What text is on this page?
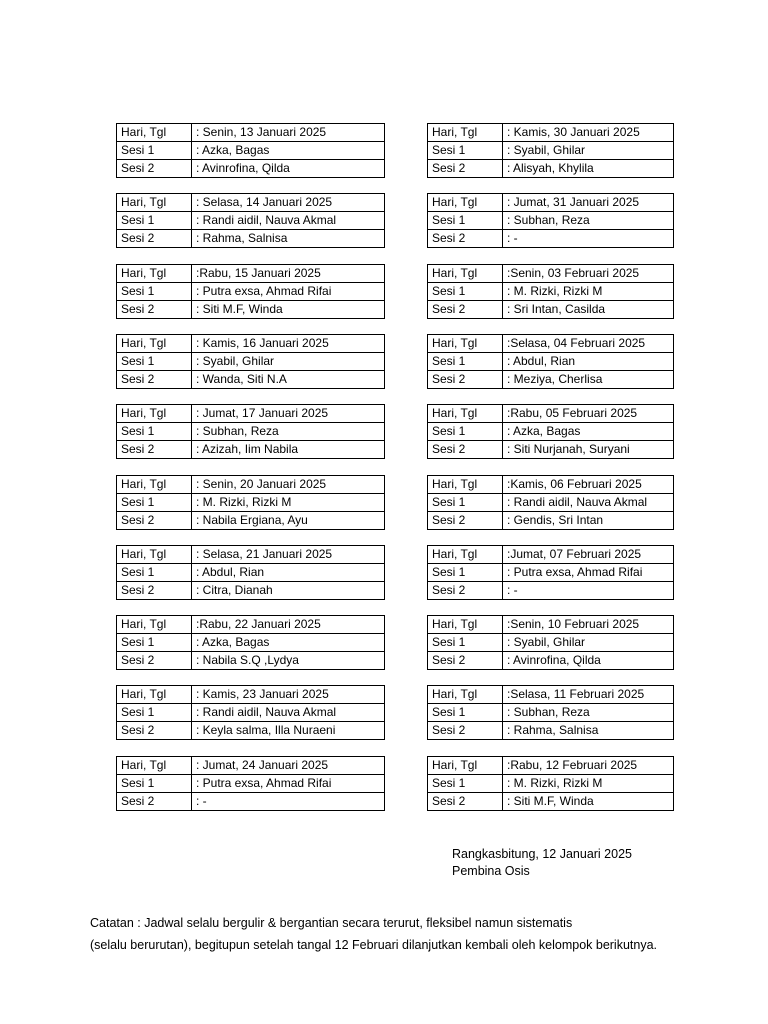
Hari, Tgl	: Senin, 13 Januari 2025
Sesi 1	: Azka, Bagas
Sesi 2	: Avinrofina, Qilda
Hari, Tgl	: Selasa, 14 Januari 2025
Sesi 1	: Randi aidil, Nauva Akmal
Sesi 2	: Rahma, Salnisa
Hari, Tgl	:Rabu, 15 Januari 2025
Sesi 1	: Putra exsa, Ahmad Rifai
Sesi 2	: Siti M.F, Winda
Hari, Tgl	: Kamis, 16 Januari 2025
Sesi 1	: Syabil, Ghilar
Sesi 2	: Wanda, Siti N.A
Hari, Tgl	: Jumat, 17 Januari 2025
Sesi 1	: Subhan, Reza
Sesi 2	: Azizah, Iim Nabila
Hari, Tgl	: Senin, 20 Januari 2025
Sesi 1	: M. Rizki, Rizki M
Sesi 2	: Nabila Ergiana, Ayu
Hari, Tgl	: Selasa, 21 Januari 2025
Sesi 1	: Abdul, Rian
Sesi 2	: Citra, Dianah
Hari, Tgl	:Rabu, 22 Januari 2025
Sesi 1	: Azka, Bagas
Sesi 2	: Nabila S.Q ,Lydya
Hari, Tgl	: Kamis, 23 Januari 2025
Sesi 1	: Randi aidil, Nauva Akmal
Sesi 2	: Keyla salma, Illa Nuraeni
Hari, Tgl	: Jumat, 24 Januari 2025
Sesi 1	: Putra exsa, Ahmad Rifai
Sesi 2	: -
Hari, Tgl	: Kamis, 30 Januari 2025
Sesi 1	: Syabil, Ghilar
Sesi 2	: Alisyah, Khylila
Hari, Tgl	: Jumat, 31 Januari 2025
Sesi 1	: Subhan, Reza
Sesi 2	: -
Hari, Tgl	:Senin, 03 Februari 2025
Sesi 1	: M. Rizki, Rizki M
Sesi 2	: Sri Intan, Casilda
Hari, Tgl	:Selasa, 04 Februari 2025
Sesi 1	: Abdul, Rian
Sesi 2	: Meziya, Cherlisa
Hari, Tgl	:Rabu, 05 Februari 2025
Sesi 1	: Azka, Bagas
Sesi 2	: Siti Nurjanah, Suryani
Hari, Tgl	:Kamis, 06 Februari 2025
Sesi 1	: Randi aidil, Nauva Akmal
Sesi 2	: Gendis, Sri Intan
Hari, Tgl	:Jumat, 07 Februari 2025
Sesi 1	: Putra exsa, Ahmad Rifai
Sesi 2	: -
Hari, Tgl	:Senin, 10 Februari 2025
Sesi 1	: Syabil, Ghilar
Sesi 2	: Avinrofina, Qilda
Hari, Tgl	:Selasa, 11 Februari 2025
Sesi 1	: Subhan, Reza
Sesi 2	: Rahma, Salnisa
Hari, Tgl	:Rabu, 12 Februari 2025
Sesi 1	: M. Rizki, Rizki M
Sesi 2	: Siti M.F, Winda
Rangkasbitung, 12 Januari 2025
Pembina Osis
Catatan : Jadwal selalu bergulir & bergantian secara terurut, fleksibel namun sistematis
(selalu berurutan), begitupun setelah tangal 12 Februari dilanjutkan kembali oleh kelompok berikutnya.
